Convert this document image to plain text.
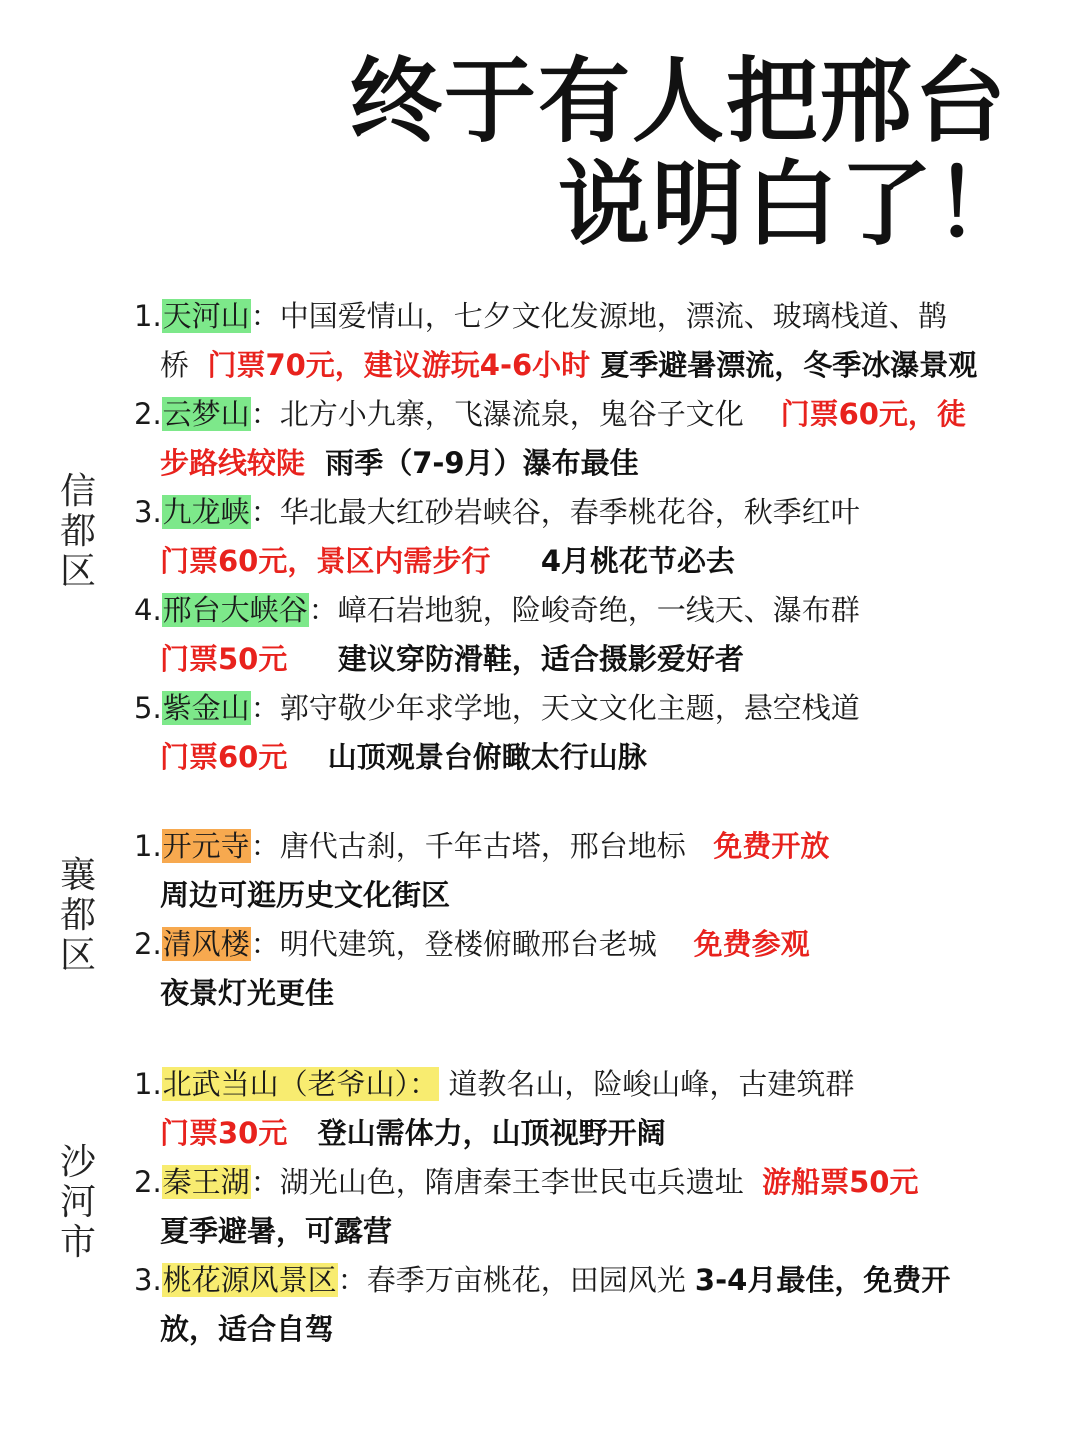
终于有人把邢台
说明白了！
信都区
1.天河山：中国爱情山，七夕文化发源地，漂流、玻璃栈道、鹊
桥  门票70元，建议游玩4-6小时 夏季避暑漂流，冬季冰瀑景观
2.云梦山：北方小九寨，飞瀑流泉，鬼谷子文化    门票60元，徒
步路线较陡  雨季（7-9月）瀑布最佳
3.九龙峡：华北最大红砂岩峡谷，春季桃花谷，秋季红叶
门票60元，景区内需步行     4月桃花节必去
4.邢台大峡谷：嶂石岩地貌，险峻奇绝，一线天、瀑布群
门票50元     建议穿防滑鞋，适合摄影爱好者
5.紫金山：郭守敬少年求学地，天文文化主题，悬空栈道
门票60元    山顶观景台俯瞰太行山脉
襄都区
1.开元寺：唐代古刹，千年古塔，邢台地标   免费开放
周边可逛历史文化街区
2.清风楼：明代建筑，登楼俯瞰邢台老城    免费参观
夜景灯光更佳
沙河市
1.北武当山（老爷山）： 道教名山，险峻山峰，古建筑群
门票30元   登山需体力，山顶视野开阔
2.秦王湖：湖光山色，隋唐秦王李世民屯兵遗址  游船票50元
夏季避暑，可露营
3.桃花源风景区：春季万亩桃花，田园风光 3-4月最佳，免费开
放，适合自驾
